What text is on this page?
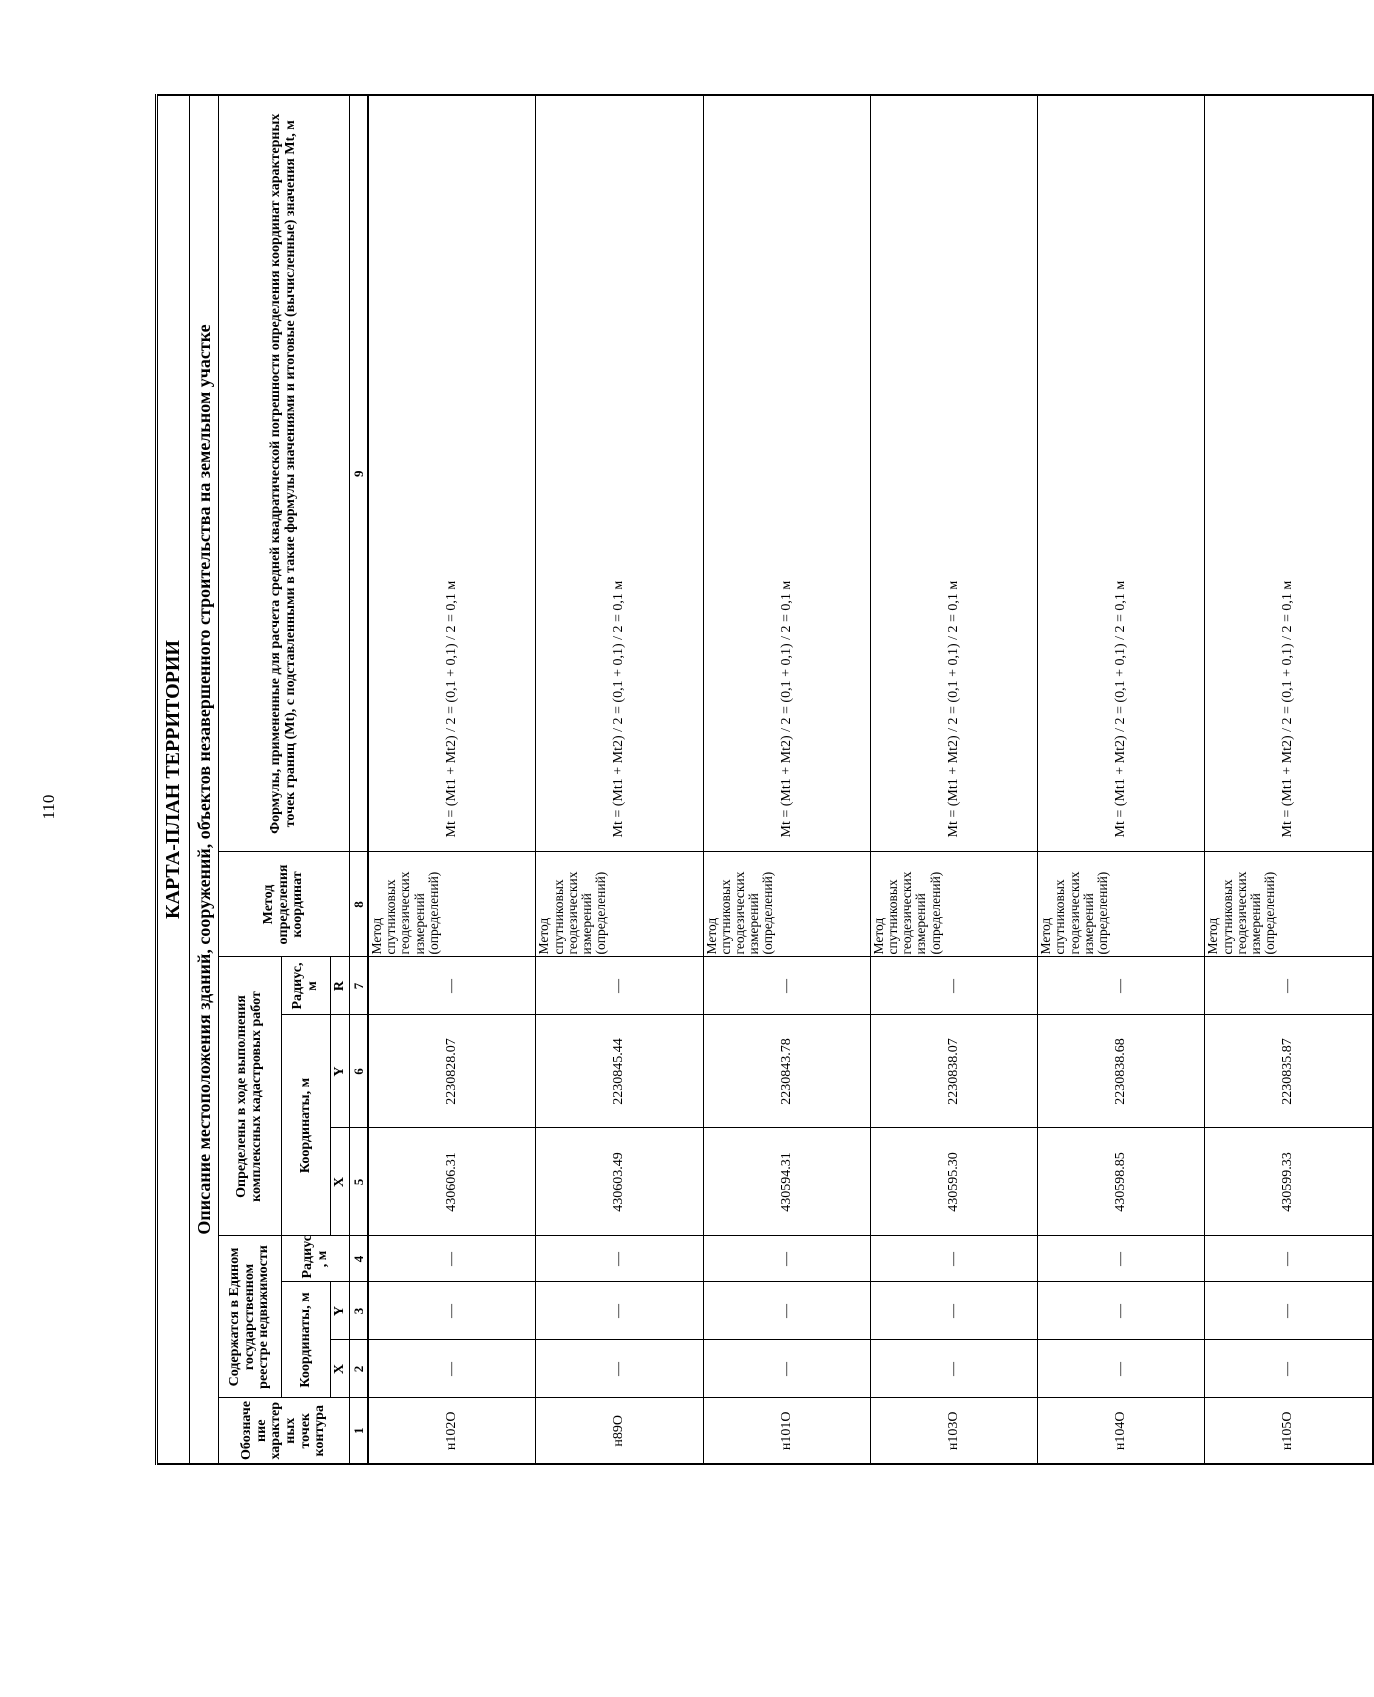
110	КАРТА-ПЛАН ТЕРРИТОРИИ								
Описание местоположения зданий, сооружений, объектов незавершенного строительства на земельном участке								
Обозначе ние характер ных точек контура	Содержатся в Едином государственном реестре недвижимости			Определены в ходе выполнения комплексных кадастровых работ			Метод определения координат	Формулы, примененные для расчета средней квадратической погрешности определения координат характерных точек границ (Mt), с подставленными в такие формулы значениями и итоговые (вычисленные) значения Mt, м
	Координаты, м		Радиус , м	Координаты, м		Радиус, м		
	X	Y		X	Y	R		
1	2	3	4	5	6	7	8	9
н102О	—	—	—	430606.31	2230828.07	—	Метод спутниковых геодезических измерений (определений)	Mt = (Mt1 + Mt2) / 2 = (0,1 + 0,1) / 2 = 0,1 м
н89О	—	—	—	430603.49	2230845.44	—	Метод спутниковых геодезических измерений (определений)	Mt = (Mt1 + Mt2) / 2 = (0,1 + 0,1) / 2 = 0,1 м
н101О	—	—	—	430594.31	2230843.78	—	Метод спутниковых геодезических измерений (определений)	Mt = (Mt1 + Mt2) / 2 = (0,1 + 0,1) / 2 = 0,1 м
н103О	—	—	—	430595.30	2230838.07	—	Метод спутниковых геодезических измерений (определений)	Mt = (Mt1 + Mt2) / 2 = (0,1 + 0,1) / 2 = 0,1 м
н104О	—	—	—	430598.85	2230838.68	—	Метод спутниковых геодезических измерений (определений)	Mt = (Mt1 + Mt2) / 2 = (0,1 + 0,1) / 2 = 0,1 м
н105О	—	—	—	430599.33	2230835.87	—	Метод спутниковых геодезических измерений (определений)	Mt = (Mt1 + Mt2) / 2 = (0,1 + 0,1) / 2 = 0,1 м
